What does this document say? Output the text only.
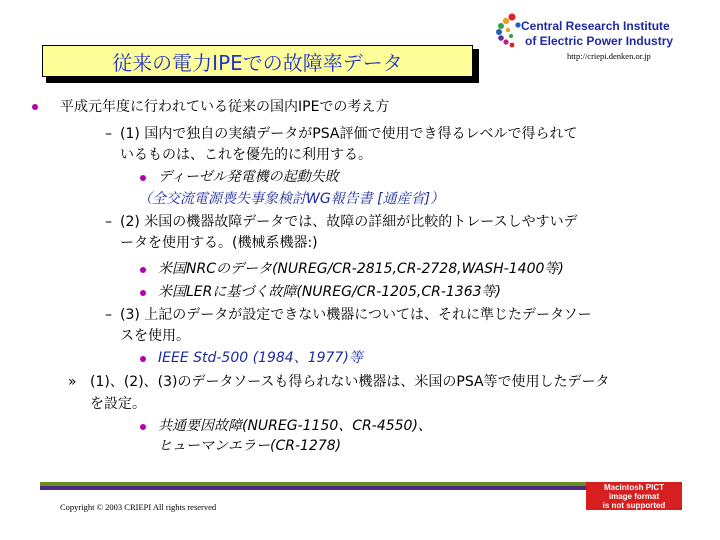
従来の電力IPEでの故障率データ
Central Research Institute
of Electric Power Industry
http://criepi.denken.or.jp
平成元年度に行われている従来の国内IPEでの考え方
– (1) 国内で独自の実績データがPSA評価で使用でき得るレベルで得られて
いるものは、これを優先的に利用する。
ディーゼル発電機の起動失敗
（全交流電源喪失事象検討WG報告書 [通産省]）
– (2) 米国の機器故障データでは、故障の詳細が比較的トレースしやすいデ
ータを使用する。(機械系機器:)
米国NRCのデータ(NUREG/CR-2815,CR-2728,WASH-1400等)
米国LERに基づく故障(NUREG/CR-1205,CR-1363等)
– (3) 上記のデータが設定できない機器については、それに準じたデータソー
スを使用。
IEEE Std-500 (1984、1977)等
» (1)、(2)、(3)のデータソースも得られない機器は、米国のPSA等で使用したデータ
を設定。
共通要因故障(NUREG-1150、CR-4550)、
ヒューマンエラー(CR-1278)
Copyright © 2003 CRIEPI All rights reserved
Macintosh PICT
image format
is not supported
